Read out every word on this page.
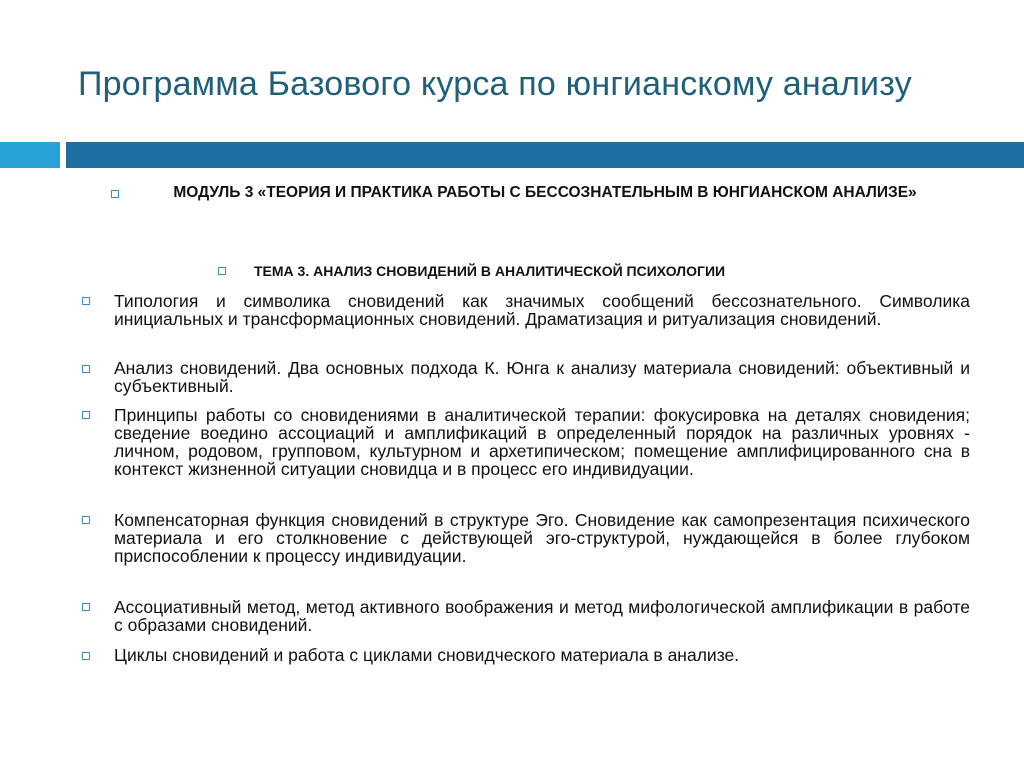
Программа Базового курса по юнгианскому анализу
МОДУЛЬ 3 «ТЕОРИЯ И ПРАКТИКА РАБОТЫ С БЕССОЗНАТЕЛЬНЫМ В ЮНГИАНСКОМ АНАЛИЗЕ»
ТЕМА 3. АНАЛИЗ СНОВИДЕНИЙ В АНАЛИТИЧЕСКОЙ ПСИХОЛОГИИ
Типология и символика сновидений как значимых сообщений бессознательного. Символика инициальных и трансформационных сновидений. Драматизация и ритуализация сновидений.
Анализ сновидений. Два основных подхода К. Юнга к анализу материала сновидений: объективный и субъективный.
Принципы работы со сновидениями в аналитической терапии: фокусировка на деталях сновидения; сведение воедино ассоциаций и амплификаций в определенный порядок на различных уровнях - личном, родовом, групповом, культурном и архетипическом; помещение амплифицированного сна в контекст жизненной ситуации сновидца и в процесс его индивидуации.
Компенсаторная функция сновидений в структуре Эго. Сновидение как самопрезентация психического материала и его столкновение с действующей эго-структурой, нуждающейся в более глубоком приспособлении к процессу индивидуации.
Ассоциативный метод, метод активного воображения и метод мифологической амплификации в работе с образами сновидений.
Циклы сновидений и работа с циклами сновидческого материала в анализе.
